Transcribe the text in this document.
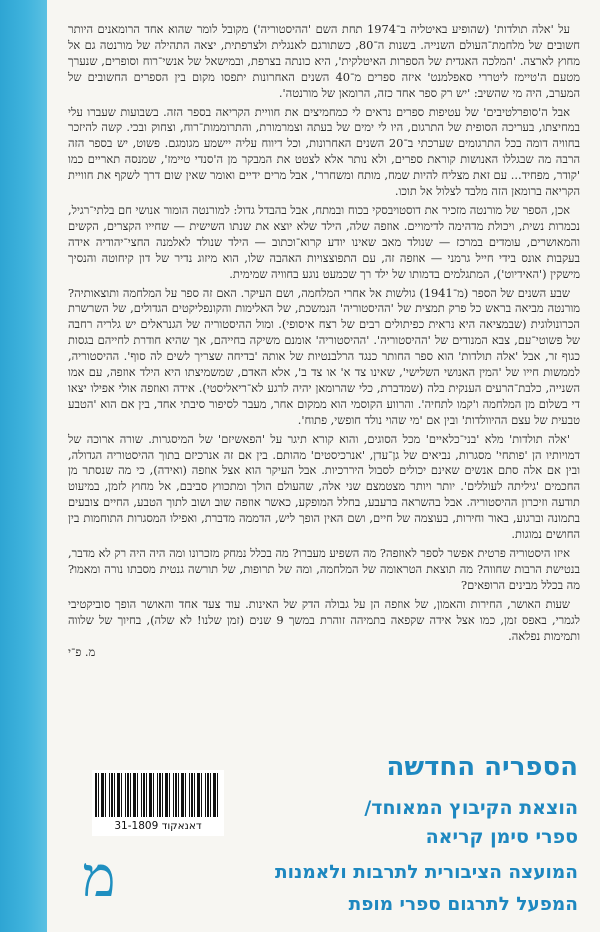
על 'אלה תולדות' (שהופיע באיטליה ב־1974 תחת השם 'ההיסטוריה') מקובל לומר שהוא אחד הרומאנים היותר חשובים של מלחמת־העולם השנייה. בשנות ה־80, כשתורגם לאנגלית ולצרפתית, יצאה התהילה של מורנטה גם אל מחוץ לארצה. 'המלכה האגדית של הספרות האיטלקית', היא כונתה בצרפת, ובמישאל של אנשי־רוח וסופרים, שנערך מטעם ה'טיימז ליטררי סאפלמנט' איזה ספרים מ־40 השנים האחרונות יתפסו מקום בין הספרים החשובים של המערב, היה מי שהשיב: 'יש רק ספר אחד כזה, הרומאן של מורנטה'.

אבל ה'סופרלטיבים' של עטיפות ספרים נראים לי כמחמיצים את חוויית הקריאה בספר הזה. בשבועות שעברו עלי במחיצתו, בעריכה הסופית של התרגום, היו לי ימים של בעתה וצמרמורת, והתרוממות־רוח, וצחוק ובכי. קשה להיזכר בחוויה דומה בכל התרגומים שערכתי ב־20 השנים האחרונות, וכל דיווח עליה יישמע מגומגם. פשוט, יש בספר הזה הרבה מה שבגללו האנושות קוראת ספרים, ולא נותר אלא לצטט את המבקר מן ה'סנדי טיימז', שמנסה תאריים כמו 'קודר, מפחיד... עם זאת מצליח להיות שמח, מותח ומשחרר', אבל מרים ידיים ואומר שאין שום דרך לשקף את חוויית הקריאה ברומאן הזה מלבד לצלול אל תוכו.

אכן, הספר של מורנטה מזכיר את דוסטויבסקי בכוח ובמתח, אבל בהבדל גדול: למורנטה הומור אנושי חם בלתי־רגיל, נכמרות נשית, ויכולת מדהימה לדימויים. אוזפה שלה, הילד שלא יוצא את שנתו השישית — שחייו הקצרים, הקשים והמאושרים, עומדים במרכז — שנולד מאב שאינו יודע קרוא־וכתוב — הילד שנולד לאלמנה החצי־יהודיה אידה בעקבות אונס בידי חייל גרמני — אוזפה זה, עם התפוצצויות האהבה שלו, הוא מיזוג נדיר של דון קיחוטה והנסיך מישקין ('האידיוט'), המתגלמים בדמותו של ילד רך שכמעט נוגע בחוויה שמימית.

שבע השנים של הספר (מ־1941) גולשות אל אחרי המלחמה, ושם העיקר. האם זה ספר על המלחמה ותוצאותיה? מורנטה מביאה בראש כל פרק תמצית של 'ההיסטוריה' הנמשכת, של האלימות והקונפליקטים הגדולים, של השרשרת הכרונולוגית (שבמציאה היא נראית כפיתולים רבים של רצח איסופי). ומול ההיסטוריה של הגנראלים יש גלריה רחבה של פשוטי־עם, צבא המנודים של 'ההיסטוריה'. 'ההיסטוריה' אומנם משיקה בחייהם, אך שהיא חודרת לחייהם בגסות כגוף זר, אבל 'אלה תולדות' הוא ספר החותר כנגד הרלבנטיות של אותה 'בדיחה שצריך לשים לה סוף'. ההיסטוריה, לממשות חייו של 'המין האנושי השלישי', שאינו צד א' או צד ב', אלא האדם, שמשמיצתו היא הילד אוזפה, עם אמו השנייה, כלבת־הרעים הענקית בלה (שמדברת, כלי שהרומאן יהיה לרגע לא־ריאליסטי). אידה ואוזפה אולי אפילו יצאו די בשלום מן המלחמה ו'קמו לתחיה'. והרווע הקוסמי הוא ממקום אחר, מעבר לסיפור סיבתי אחד, בין אם הוא 'הטבע טבעית של עצם ההיוולדות' ובין אם 'מי שהוי נולד חופשי, פתוח'.

'אלה תולדות' מלא 'בני־כלאיים' מכל הסוגים, והוא קורא תיגר על 'הפאשיזם' של המיסגרות. שורה ארוכה של דמויותיו הן 'פותחי' מסגרות, נביאים של גן־עדן, 'אנרכיסטים' מהותם. בין אם זה אנרכיזם בתוך ההיסטוריה הגדולה, ובין אם אלה סתם אנשים שאינם יכולים לסבול היררכיות. אבל העיקר הוא אצל אוזפה (ואידה), כי מה שנסתר מן החכמים 'גיליתה לעוללים'. יותר ויותר מצטמצם שני אלה, שהעולם הולך ומתכווץ סביבם, אל מחוץ לזמן, במיעוט תודעה וזיכרון ההיסטוריה. אבל בהשראה ברעבע, בחלל המופקע, כאשר אוזפה שוב ושוב לתוך הטבע, החיים צובעים בתמונה וברגוע, באור וחירות, בעוצמה של חיים, ושם האין הופך ליש, הדממה מדברת, ואפילו המסגרות התוחמות בין החושים נמוגות.

איזו היסטוריה פרטית אפשר לספר לאוזפה? מה השפיע מעברו? מה בכלל נמחק מזכרונו ומה היה היה רק לא מדבר, בנטישת הרבות שחווה? מה תוצאת הטראומה של המלחמה, ומה של תרופות, של תורשה גנטית מסבתו נורה ומאמו? מה בכלל מבינים הרופאים?

שעות האושר, החירות והאמון, של אוזפה הן על גבולה הדק של האינות. עוד צעד אחד והאושר הופך סוביקטיבי לגמרי, באפס זמן, כמו אצל אידה שקפאה בתמיהה זוהרת במשך 9 שנים (זמן שלנו! לא שלה), בחיוך של שלווה ותמימות נפלאה.

מ. פ־י
דאנאקוד 31-1809
מ
הספריה החדשה
הוצאת הקיבוץ המאוחד/
ספרי סימן קריאה
המועצה הציבורית לתרבות ולאמנות
המפעל לתרגום ספרי מופת
